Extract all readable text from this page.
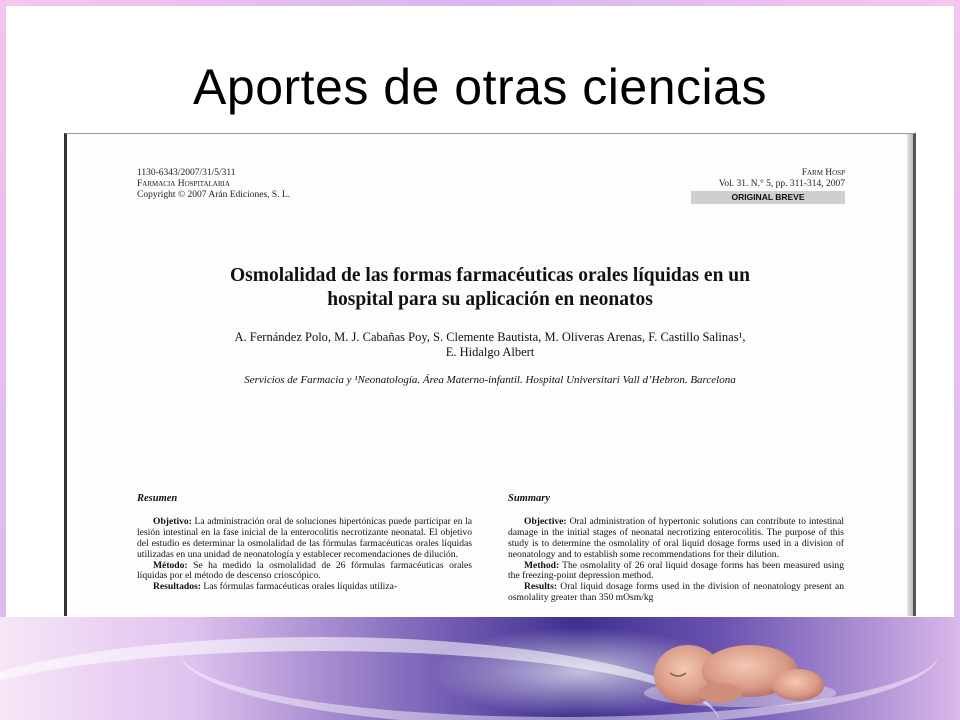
Aportes de otras ciencias
1130-6343/2007/31/5/311
Farmacia Hospitalaria
Copyright © 2007 Arán Ediciones, S. L.
Farm Hosp
Vol. 31. N.° 5, pp. 311-314, 2007
ORIGINAL BREVE
Osmolalidad de las formas farmacéuticas orales líquidas en un
hospital para su aplicación en neonatos
A. Fernández Polo, M. J. Cabañas Poy, S. Clemente Bautista, M. Oliveras Arenas, F. Castillo Salinas¹,
E. Hidalgo Albert
Servicios de Farmacia y ¹Neonatología. Área Materno-infantil. Hospital Universitari Vall d’Hebron. Barcelona
Resumen

Objetivo: La administración oral de soluciones hipertónicas puede participar en la lesión intestinal en la fase inicial de la enterocolitis necrotizante neonatal. El objetivo del estudio es determinar la osmolalidad de las fórmulas farmacéuticas orales líquidas utilizadas en una unidad de neonatología y establecer recomendaciones de dilución.

Método: Se ha medido la osmolalidad de 26 fórmulas farmacéuticas orales líquidas por el método de descenso crioscópico.

Resultados: Las fórmulas farmacéuticas orales líquidas utiliza-

Summary

Objective: Oral administration of hypertonic solutions can contribute to intestinal damage in the initial stages of neonatal necrotizing enterocolitis. The purpose of this study is to determine the osmolality of oral liquid dosage forms used in a division of neonatology and to establish some recommendations for their dilution.

Method: The osmolality of 26 oral liquid dosage forms has been measured using the freezing-point depression method.

Results: Oral liquid dosage forms used in the division of neonatology present an osmolality greater than 350 mOsm/kg
